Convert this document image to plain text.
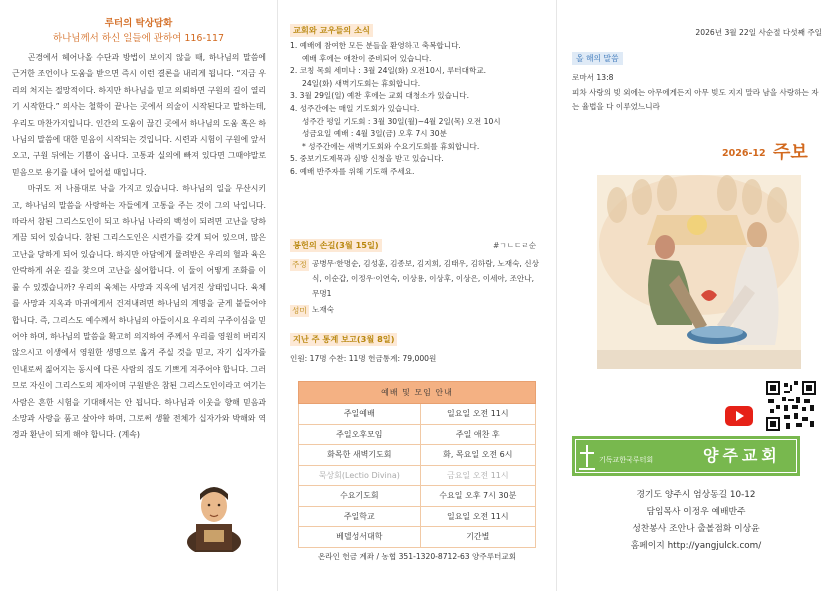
루터의 탁상담화
하나님께서 하신 일들에 관하여 116-117

곤경에서 헤어나올 수단과 방법이 보이지 않을 때, 하나님의 말씀에 근거한 조언이나 도움을 받으면 즉시 이런 결론을 내리게 됩니다. “지금 우리의 처지는 절망적이다. 하지만 하나님을 믿고 의뢰하면 구원의 길이 열리기 시작한다.” 의사는 철학이 끝나는 곳에서 의술이 시작된다고 말하는데, 우리도 마찬가지입니다. 인간의 도움이 끊긴 곳에서 하나님의 도움 혹은 하나님의 말씀에 대한 믿음이 시작되는 것입니다. 시련과 시험이 구원에 앞서 오고, 구원 뒤에는 기쁨이 옵니다. 고통과 실의에 빠져 있다면 그때야말로 믿음으로 용기를 내어 일어설 때입니다.

마귀도 저 나름대로 낙을 가지고 있습니다. 하나님의 일을 무산시키고, 하나님의 말씀을 사랑하는 자들에게 고통을 주는 것이 그의 낙입니다. 따라서 참된 그리스도인이 되고 하나님 나라의 백성이 되려면 고난을 당하게끔 되어 있습니다. 참된 그리스도인은 시련가를 갖게 되어 있으며, 많은 고난을 당하게 되어 있습니다. 하지만 아담에게 물려받은 우리의 혈과 육은 안락하게 쉬운 길을 찾으며 고난을 싫어합니다. 이 둘이 어떻게 조화를 이룰 수 있겠습니까? 우리의 육체는 사망과 지옥에 넘겨진 상태입니다. 육체를 사망과 지옥과 마귀에게서 건져내려면 하나님의 계명을 굳게 붙들어야 합니다. 즉, 그리스도 예수께서 하나님의 아들이시요 우리의 구주이심을 믿어야 하며, 하나님의 말씀을 확고히 의지하여 주께서 우리를 영원히 버리지 않으시고 이생에서 영원한 생명으로 옮겨 주실 것을 믿고, 자기 십자가를 인내로써 짊어지는 동시에 다른 사람의 짐도 기쁘게 져주어야 합니다. 그러므로 자신이 그리스도의 제자이며 구원받은 참된 그리스도인이라고 여기는 사람은 흔한 시험을 기대해서는 안 됩니다. 하나님과 이웃을 향해 믿음과 소망과 사랑을 품고 살아야 하며, 그로써 생활 전체가 십자가와 박해와 역경과 환난이 되게 해야 합니다. (계속)

교회와 교우들의 소식
1. 예배에 참여한 모든 분들을 환영하고 축복합니다.
예배 후에는 애찬이 준비되어 있습니다.
2. 코칭 목회 세미나 : 3월 24일(화) 오전10시, 루터대학교.
24일(화) 새벽기도회는 휴회합니다.
3. 3월 29일(일) 예찬 후에는 교회 대청소가 있습니다.
4. 성주간에는 매일 기도회가 있습니다.
성주간 평일 기도회 : 3월 30일(월)~4월 2일(목) 오전 10시
성금요일 예배 : 4월 3일(금) 오후 7시 30분
* 성주간에는 새벽기도회와 수요기도회를 휴회합니다.
5. 중보기도제목과 심방 신청을 받고 있습니다.
6. 예배 반주자를 위해 기도해 주세요.
봉헌의 손길(3월 15일)	#ㄱㄴㄷㄹ순
주정 공병무·한명순, 김성훈, 김종보, 김지희, 김태우, 김하람, 노재숙, 신상식, 이순갑, 이정우·이연숙, 이상용, 이상후, 이상은, 이세아, 조안나, 무명1
성미 노재숙
지난 주 통계 보고(3월 8일)
인원: 17명 수찬: 11명 헌금통계: 79,000원
예배 및 모임 안내	
주일예배	일요일 오전 11시
주일오후모임	주일 애찬 후
화목한 새벽기도회	화, 목요일 오전 6시
묵상회(Lectio Divina)	금요일 오전 11시
수요기도회	수요일 오후 7시 30분
주일학교	일요일 오전 11시
베델성서대학	기간별
온라인 헌금 계좌 / 농협 351-1320-8712-63 양주루터교회
2026년 3월 22일 사순절 다섯째 주일
올 해의 말씀
로마서 13:8
피차 사랑의 빚 외에는 아무에게든지 아무 빚도 지지 말라 남을 사랑하는 자는 율법을 다 이루었느니라
2026-12 주보
기독교한국루터회	양주교회
경기도 양주시 엄상동길 10-12
담임목사 이정우 예배반주
성찬봉사 조안나 출볼점화 이상윤
홈페이지 http://yangjulck.com/
